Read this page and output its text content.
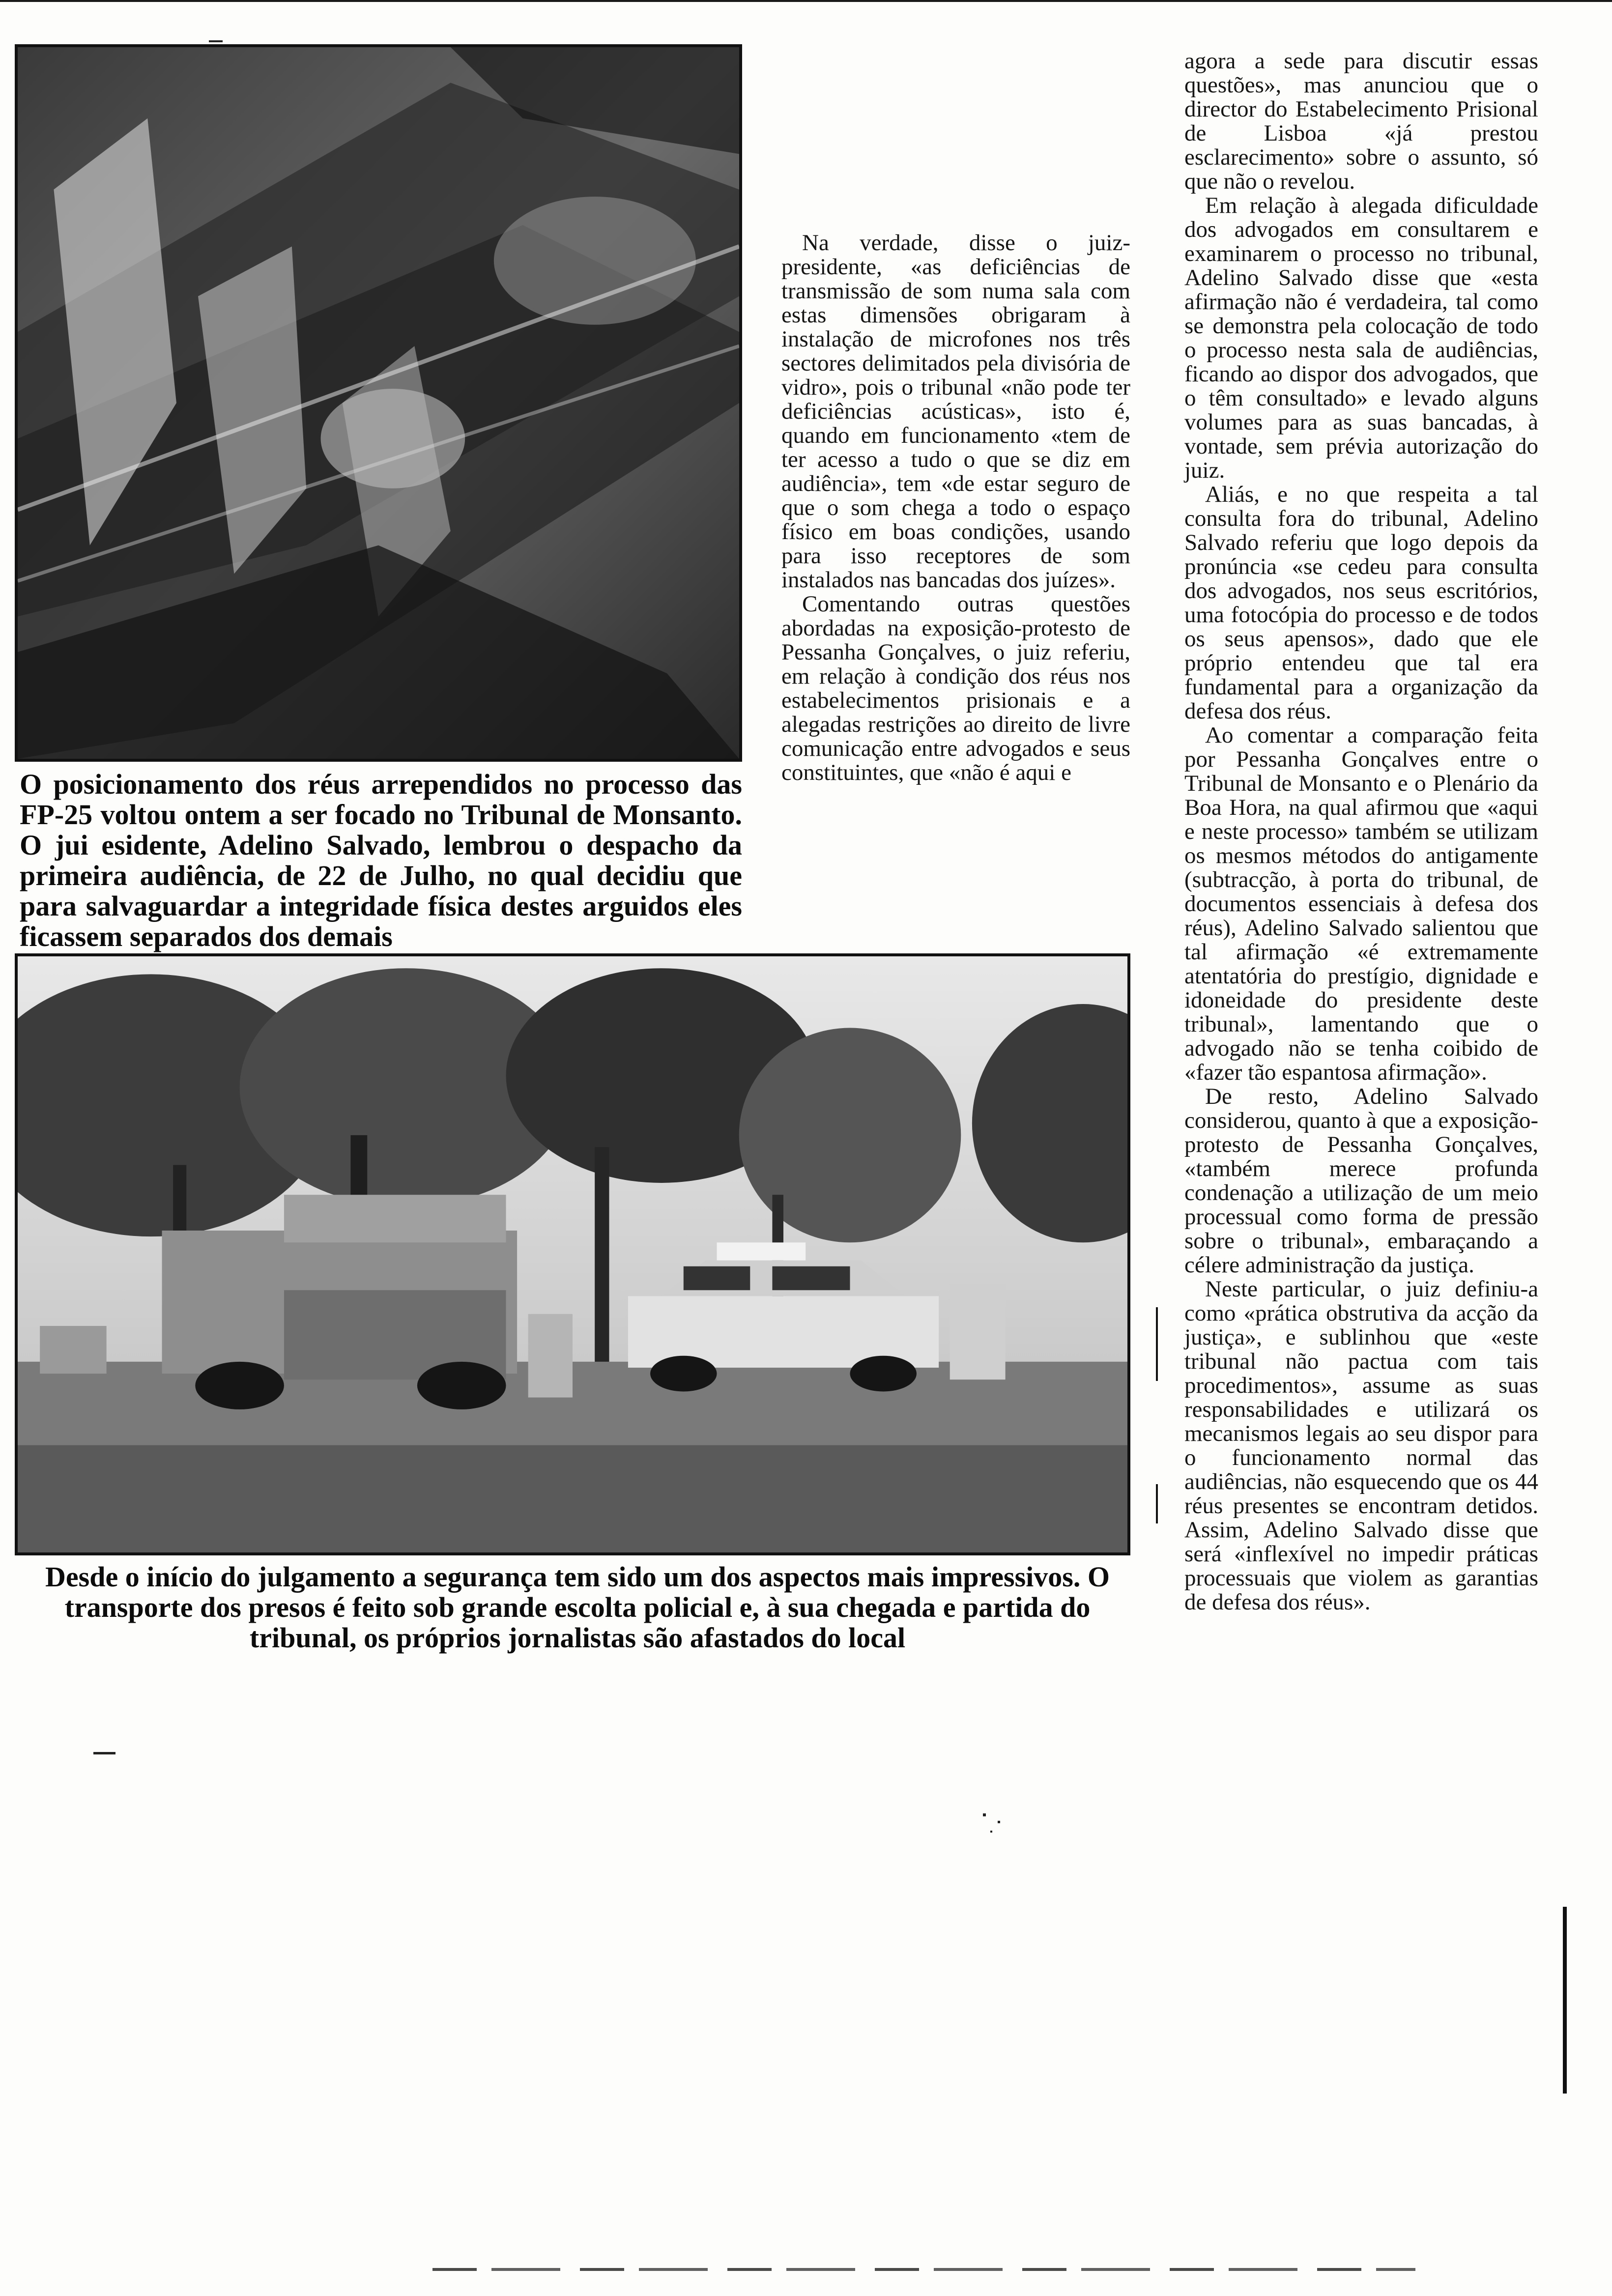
O posicionamento dos réus arrependidos no processo das FP-25 voltou ontem a ser focado no Tribunal de Monsanto. O jui esidente, Adelino Salvado, lembrou o despacho da primeira audiência, de 22 de Julho, no qual decidiu que para salvaguardar a integridade física destes arguidos eles ficassem separados dos demais

Na verdade, disse o juiz-presidente, «as deficiências de transmissão de som numa sala com estas dimensões obrigaram à instalação de microfones nos três sectores delimitados pela divisória de vidro», pois o tribunal «não pode ter deficiências acústicas», isto é, quando em funcionamento «tem de ter acesso a tudo o que se diz em audiência», tem «de estar seguro de que o som chega a todo o espaço físico em boas condições, usando para isso receptores de som instalados nas bancadas dos juízes».

Comentando outras questões abordadas na exposição-protesto de Pessanha Gonçalves, o juiz referiu, em relação à condição dos réus nos estabelecimentos prisionais e a alegadas restrições ao direito de livre comunicação entre advogados e seus constituintes, que «não é aqui e

agora a sede para discutir essas questões», mas anunciou que o director do Estabelecimento Prisional de Lisboa «já prestou esclarecimento» sobre o assunto, só que não o revelou.

Em relação à alegada dificuldade dos advogados em consultarem e examinarem o processo no tribunal, Adelino Salvado disse que «esta afirmação não é verdadeira, tal como se demonstra pela colocação de todo o processo nesta sala de audiências, ficando ao dispor dos advogados, que o têm consultado» e levado alguns volumes para as suas bancadas, à vontade, sem prévia autorização do juiz.

Aliás, e no que respeita a tal consulta fora do tribunal, Adelino Salvado referiu que logo depois da pronúncia «se cedeu para consulta dos advogados, nos seus escritórios, uma fotocópia do processo e de todos os seus apensos», dado que ele próprio entendeu que tal era fundamental para a organização da defesa dos réus.

Ao comentar a comparação feita por Pessanha Gonçalves entre o Tribunal de Monsanto e o Plenário da Boa Hora, na qual afirmou que «aqui e neste processo» também se utilizam os mesmos métodos do antigamente (subtracção, à porta do tribunal, de documentos essenciais à defesa dos réus), Adelino Salvado salientou que tal afirmação «é extremamente atentatória do prestígio, dignidade e idoneidade do presidente deste tribunal», lamentando que o advogado não se tenha coibido de «fazer tão espantosa afirmação».

De resto, Adelino Salvado considerou, quanto à que a exposição- protesto de Pessanha Gonçalves, «também merece profunda condenação a utilização de um meio processual como forma de pressão sobre o tribunal», embaraçando a célere administração da justiça.

Neste particular, o juiz definiu-a como «prática obstrutiva da acção da justiça», e sublinhou que «este tribunal não pactua com tais procedimentos», assume as suas responsabilidades e utilizará os mecanismos legais ao seu dispor para o funcionamento normal das audiências, não esquecendo que os 44 réus presentes se encontram detidos. Assim, Adelino Salvado disse que será «inflexível no impedir práticas processuais que violem as garantias de defesa dos réus».

Desde o início do julgamento a segurança tem sido um dos aspectos mais impressivos. O transporte dos presos é feito sob grande escolta policial e, à sua chegada e partida do tribunal, os próprios jornalistas são afastados do local
